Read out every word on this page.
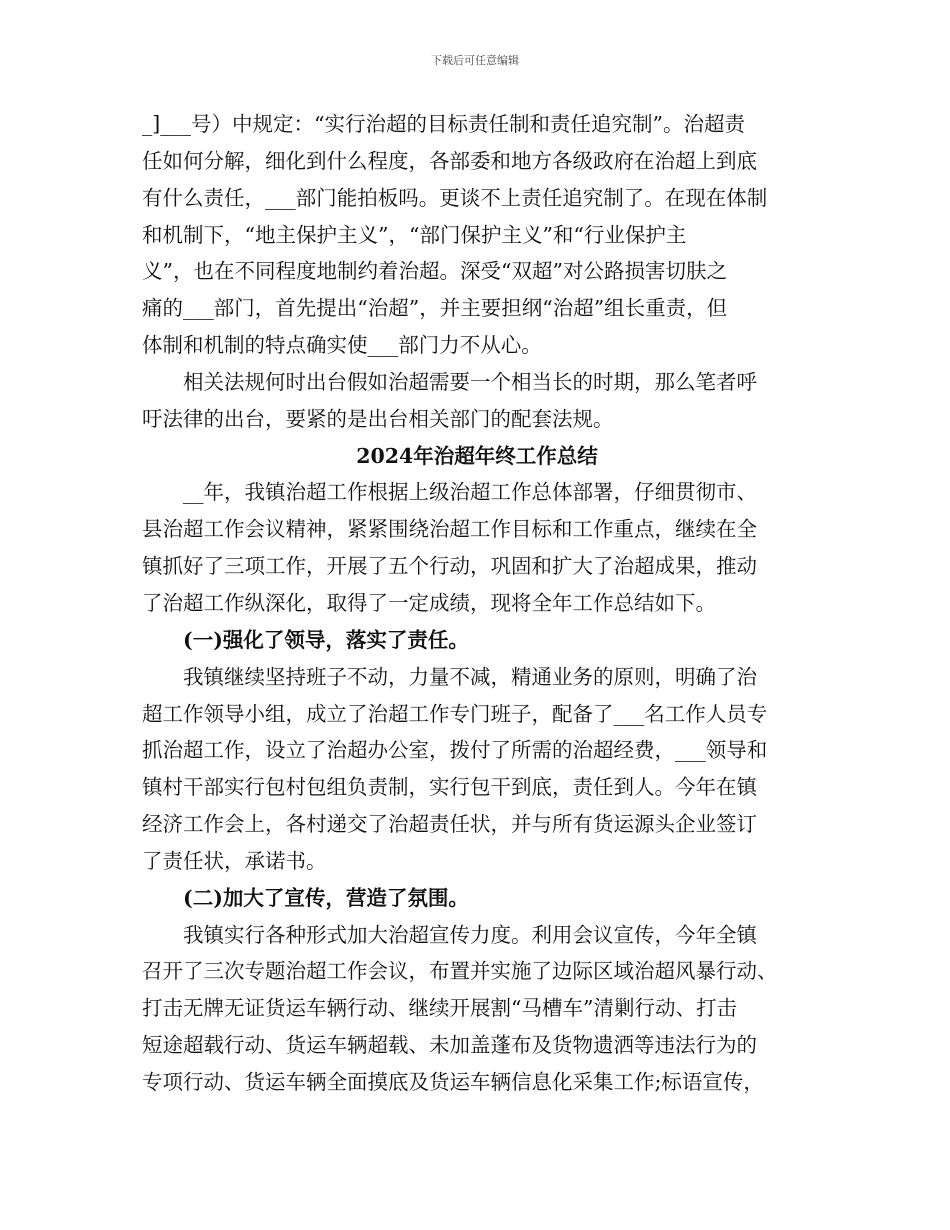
下载后可任意编辑
_]___号）中规定：“实行治超的目标责任制和责任追究制”。治超责
任如何分解，细化到什么程度，各部委和地方各级政府在治超上到底
有什么责任，___部门能拍板吗。更谈不上责任追究制了。在现在体制
和机制下，“地主保护主义”，“部门保护主义”和“行业保护主
义”，也在不同程度地制约着治超。深受“双超”对公路损害切肤之
痛的___部门，首先提出“治超”，并主要担纲“治超”组长重责，但
体制和机制的特点确实使___部门力不从心。
相关法规何时出台假如治超需要一个相当长的时期，那么笔者呼
吁法律的出台，要紧的是出台相关部门的配套法规。
2024年治超年终工作总结
__年，我镇治超工作根据上级治超工作总体部署，仔细贯彻市、
县治超工作会议精神，紧紧围绕治超工作目标和工作重点，继续在全
镇抓好了三项工作，开展了五个行动，巩固和扩大了治超成果，推动
了治超工作纵深化，取得了一定成绩，现将全年工作总结如下。
(一)强化了领导，落实了责任。
我镇继续坚持班子不动，力量不减，精通业务的原则，明确了治
超工作领导小组，成立了治超工作专门班子，配备了___名工作人员专
抓治超工作，设立了治超办公室，拨付了所需的治超经费，___领导和
镇村干部实行包村包组负责制，实行包干到底，责任到人。今年在镇
经济工作会上，各村递交了治超责任状，并与所有货运源头企业签订
了责任状，承诺书。
(二)加大了宣传，营造了氛围。
我镇实行各种形式加大治超宣传力度。利用会议宣传，今年全镇
召开了三次专题治超工作会议，布置并实施了边际区域治超风暴行动、
打击无牌无证货运车辆行动、继续开展割“马槽车”清剿行动、打击
短途超载行动、货运车辆超载、未加盖蓬布及货物遗洒等违法行为的
专项行动、货运车辆全面摸底及货运车辆信息化采集工作;标语宣传，
